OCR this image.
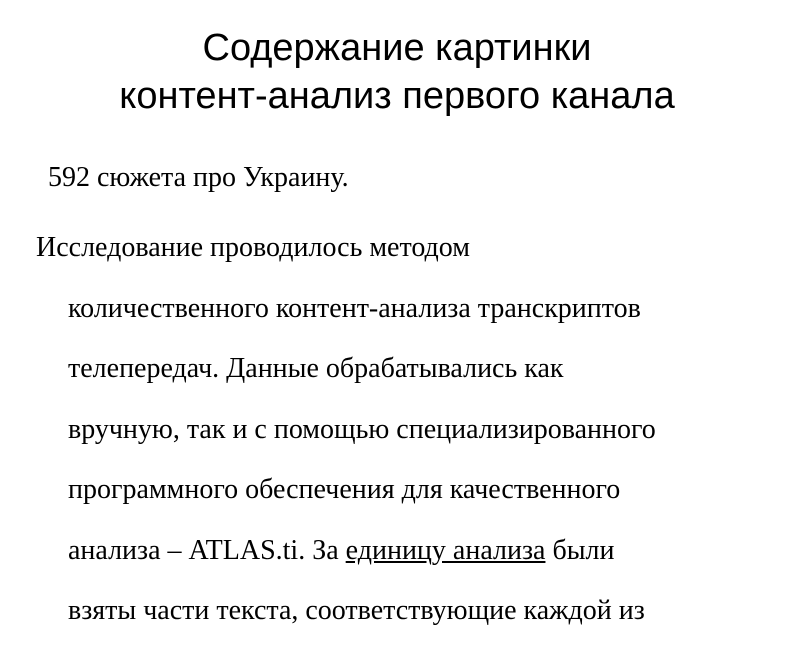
Содержание картинки
контент-анализ первого канала
592 сюжета про Украину.
Исследование проводилось методом
количественного контент-анализа транскриптов
телепередач. Данные обрабатывались как
вручную, так и с помощью специализированного
программного обеспечения для качественного
анализа – ATLAS.ti. За единицу анализа были
взяты части текста, соответствующие каждой из
